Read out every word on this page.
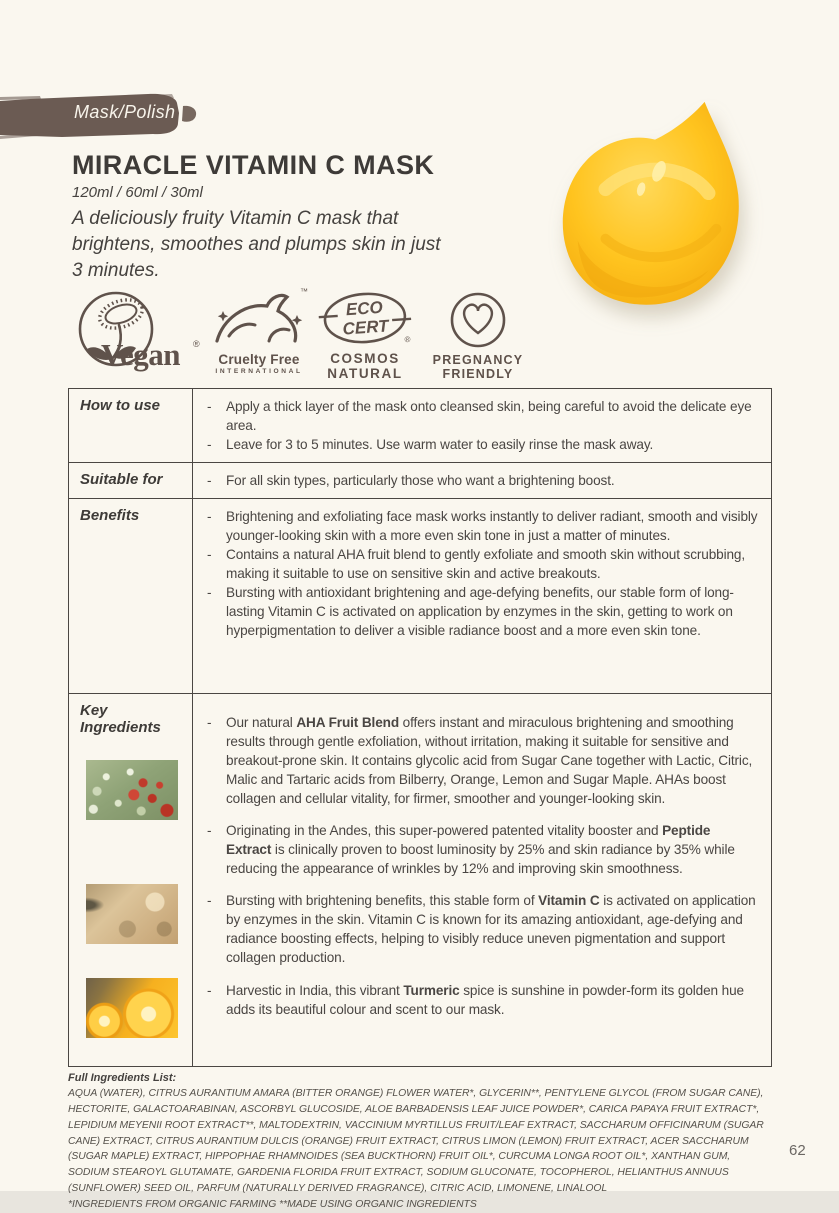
Mask/Polish
MIRACLE VITAMIN C MASK
120ml / 60ml / 30ml

A deliciously fruity Vitamin C mask that brightens, smoothes and plumps skin in just 3 minutes.

Vegan ®
™
Cruelty Free
INTERNATIONAL
ECO
CERT
®
COSMOS
NATURAL
PREGNANCY
FRIENDLY
How to use	-	Apply a thick layer of the mask onto cleansed skin, being careful to avoid the delicate eye area.
-	Leave for 3 to 5 minutes. Use warm water to easily rinse the mask away.
Suitable for	-	For all skin types, particularly those who want a brightening boost.
Benefits	-	Brightening and exfoliating face mask works instantly to deliver radiant, smooth and visibly younger-looking skin with a more even skin tone in just a matter of minutes.
-	Contains a natural AHA fruit blend to gently exfoliate and smooth skin without scrubbing, making it suitable to use on sensitive skin and active breakouts.
-	Bursting with antioxidant brightening and age-defying benefits, our stable form of long-lasting Vitamin C is activated on application by enzymes in the skin, getting to work on hyperpigmentation to deliver a visible radiance boost and a more even skin tone.
Key Ingredients	-	Our natural AHA Fruit Blend offers instant and miraculous brightening and smoothing results through gentle exfoliation, without irritation, making it suitable for sensitive and breakout-prone skin. It contains glycolic acid from Sugar Cane together with Lactic, Citric, Malic and Tartaric acids from Bilberry, Orange, Lemon and Sugar Maple. AHAs boost collagen and cellular vitality, for firmer, smoother and younger-looking skin.
-	Originating in the Andes, this super-powered patented vitality booster and Peptide Extract is clinically proven to boost luminosity by 25% and skin radiance by 35% while reducing the appearance of wrinkles by 12% and improving skin smoothness.
-	Bursting with brightening benefits, this stable form of Vitamin C is activated on application by enzymes in the skin. Vitamin C is known for its amazing antioxidant, age-defying and radiance boosting effects, helping to visibly reduce uneven pigmentation and support collagen production.
-	Harvestic in India, this vibrant Turmeric spice is sunshine in powder-form its golden hue adds its beautiful colour and scent to our mask.
Full Ingredients List:
AQUA (WATER), CITRUS AURANTIUM AMARA (BITTER ORANGE) FLOWER WATER*, GLYCERIN**, PENTYLENE GLYCOL (FROM SUGAR CANE), HECTORITE, GALACTOARABINAN, ASCORBYL GLUCOSIDE, ALOE BARBADENSIS LEAF JUICE POWDER*, CARICA PAPAYA FRUIT EXTRACT*, LEPIDIUM MEYENII ROOT EXTRACT**, MALTODEXTRIN, VACCINIUM MYRTILLUS FRUIT/LEAF EXTRACT, SACCHARUM OFFICINARUM (SUGAR CANE) EXTRACT, CITRUS AURANTIUM DULCIS (ORANGE) FRUIT EXTRACT, CITRUS LIMON (LEMON) FRUIT EXTRACT, ACER SACCHARUM (SUGAR MAPLE) EXTRACT, HIPPOPHAE RHAMNOIDES (SEA BUCKTHORN) FRUIT OIL*, CURCUMA LONGA ROOT OIL*, XANTHAN GUM, SODIUM STEAROYL GLUTAMATE, GARDENIA FLORIDA FRUIT EXTRACT, SODIUM GLUCONATE, TOCOPHEROL, HELIANTHUS ANNUUS (SUNFLOWER) SEED OIL, PARFUM (NATURALLY DERIVED FRAGRANCE), CITRIC ACID, LIMONENE, LINALOOL
*INGREDIENTS FROM ORGANIC FARMING **MADE USING ORGANIC INGREDIENTS
62
